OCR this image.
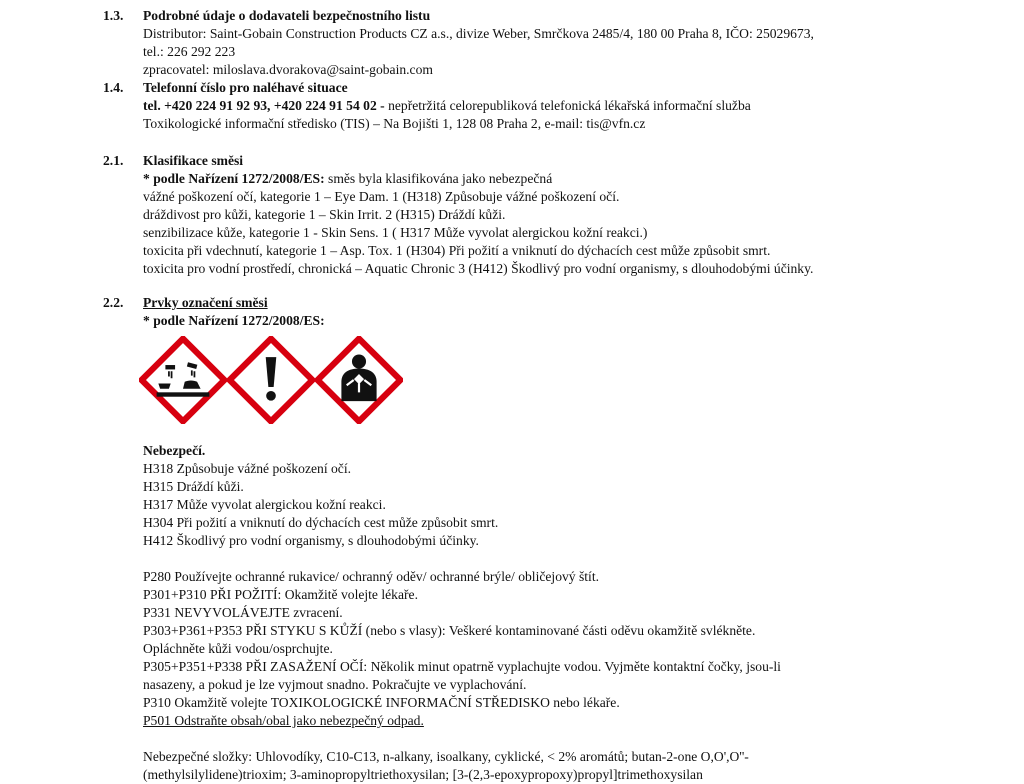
1.3. Podrobné údaje o dodavateli bezpečnostního listu
Distributor: Saint-Gobain Construction Products CZ a.s., divize Weber, Smrčkova 2485/4, 180 00 Praha 8, IČO: 25029673,
tel.: 226 292 223
zpracovatel: miloslava.dvorakova@saint-gobain.com
1.4. Telefonní číslo pro naléhavé situace
tel. +420 224 91 92 93, +420 224 91 54 02 - nepřetržitá celorepubliková telefonická lékařská informační služba
Toxikologické informační středisko (TIS) – Na Bojišti 1, 128 08 Praha 2, e-mail: tis@vfn.cz
2.1. Klasifikace směsi
* podle Nařízení 1272/2008/ES: směs byla klasifikována jako nebezpečná
vážné poškození očí, kategorie 1 – Eye Dam. 1 (H318) Způsobuje vážné poškození očí.
dráždivost pro kůži, kategorie 1 – Skin Irrit. 2 (H315) Dráždí kůži.
senzibilizace kůže, kategorie 1 - Skin Sens. 1 ( H317 Může vyvolat alergickou kožní reakci.)
toxicita při vdechnutí, kategorie 1 – Asp. Tox. 1 (H304) Při požití a vniknutí do dýchacích cest může způsobit smrt.
toxicita pro vodní prostředí, chronická – Aquatic Chronic 3 (H412) Škodlivý pro vodní organismy, s dlouhodobými účinky.
2.2. Prvky označení směsi
* podle Nařízení 1272/2008/ES:
Nebezpečí.
H318 Způsobuje vážné poškození očí.
H315 Dráždí kůži.
H317 Může vyvolat alergickou kožní reakci.
H304 Při požití a vniknutí do dýchacích cest může způsobit smrt.
H412 Škodlivý pro vodní organismy, s dlouhodobými účinky.
P280 Používejte ochranné rukavice/ ochranný oděv/ ochranné brýle/ obličejový štít.
P301+P310 PŘI POŽITÍ: Okamžitě volejte lékaře.
P331 NEVYVOLÁVEJTE zvracení.
P303+P361+P353 PŘI STYKU S KŮŽÍ (nebo s vlasy): Veškeré kontaminované části oděvu okamžitě svlékněte.
Opláchněte kůži vodou/osprchujte.
P305+P351+P338 PŘI ZASAŽENÍ OČÍ: Několik minut opatrně vyplachujte vodou. Vyjměte kontaktní čočky, jsou-li
nasazeny, a pokud je lze vyjmout snadno. Pokračujte ve vyplachování.
P310 Okamžitě volejte TOXIKOLOGICKÉ INFORMAČNÍ STŘEDISKO nebo lékaře.
P501 Odstraňte obsah/obal jako nebezpečný odpad.
Nebezpečné složky: Uhlovodíky, C10-C13, n-alkany, isoalkany, cyklické, < 2% aromátů; butan-2-one O,O',O''-
(methylsilylidene)trioxim; 3-aminopropyltriethoxysilan; [3-(2,3-epoxypropoxy)propyl]trimethoxysilan
